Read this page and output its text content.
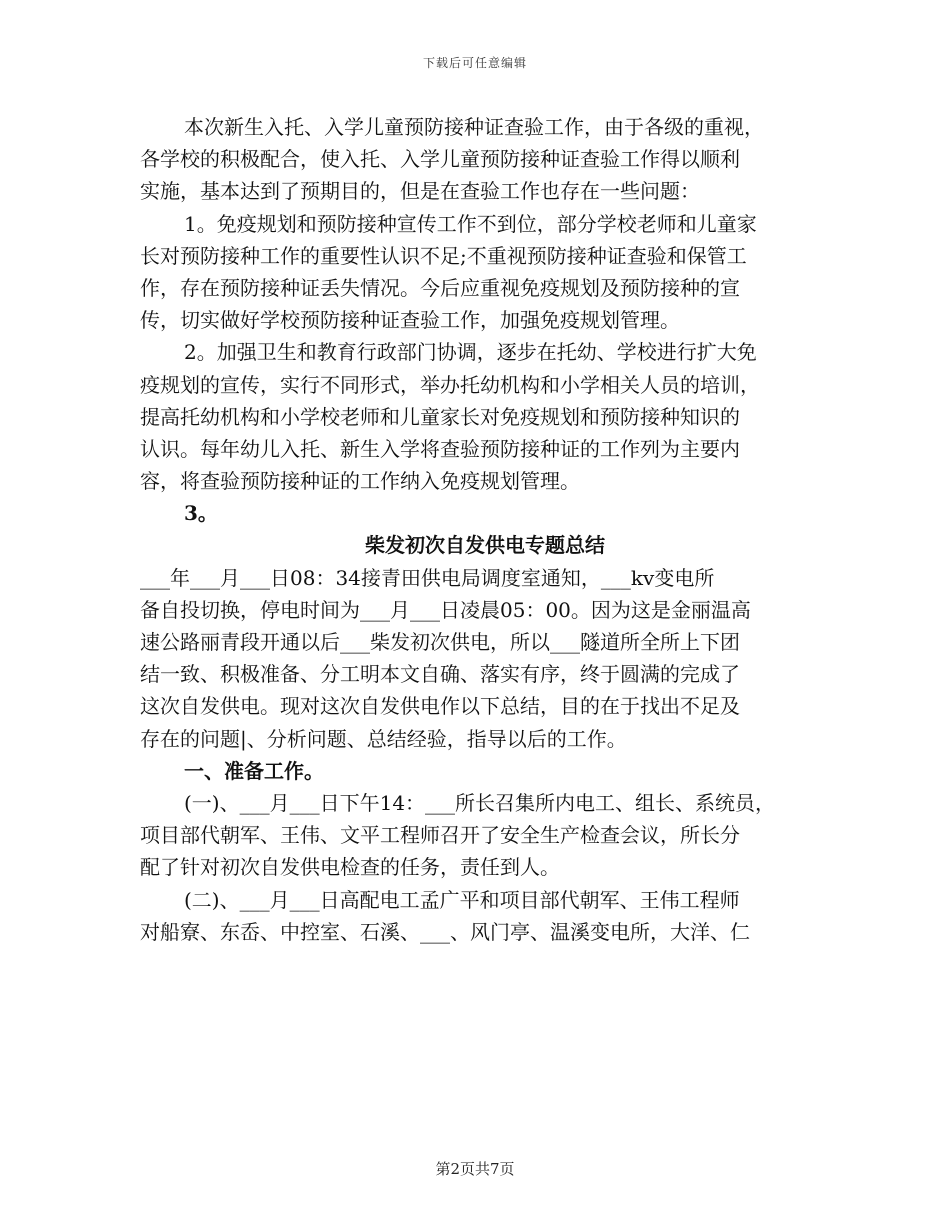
下载后可任意编辑
本次新生入托、入学儿童预防接种证查验工作，由于各级的重视，
各学校的积极配合，使入托、入学儿童预防接种证查验工作得以顺利
实施，基本达到了预期目的，但是在查验工作也存在一些问题：
1。免疫规划和预防接种宣传工作不到位，部分学校老师和儿童家
长对预防接种工作的重要性认识不足;不重视预防接种证查验和保管工
作，存在预防接种证丢失情况。今后应重视免疫规划及预防接种的宣
传，切实做好学校预防接种证查验工作，加强免疫规划管理。
2。加强卫生和教育行政部门协调，逐步在托幼、学校进行扩大免
疫规划的宣传，实行不同形式，举办托幼机构和小学相关人员的培训，
提高托幼机构和小学校老师和儿童家长对免疫规划和预防接种知识的
认识。每年幼儿入托、新生入学将查验预防接种证的工作列为主要内
容，将查验预防接种证的工作纳入免疫规划管理。
3。
柴发初次自发供电专题总结
___年___月___日08：34接青田供电局调度室通知，___kv变电所
备自投切换，停电时间为___月___日凌晨05：00。因为这是金丽温高
速公路丽青段开通以后___柴发初次供电，所以___隧道所全所上下团
结一致、积极准备、分工明本文自确、落实有序，终于圆满的完成了
这次自发供电。现对这次自发供电作以下总结，目的在于找出不足及
存在的问题|、分析问题、总结经验，指导以后的工作。
一、准备工作。
(一)、___月___日下午14：___所长召集所内电工、组长、系统员，
项目部代朝军、王伟、文平工程师召开了安全生产检查会议，所长分
配了针对初次自发供电检查的任务，责任到人。
(二)、___月___日高配电工孟广平和项目部代朝军、王伟工程师
对船寮、东岙、中控室、石溪、___、风门亭、温溪变电所，大洋、仁
第2页共7页
